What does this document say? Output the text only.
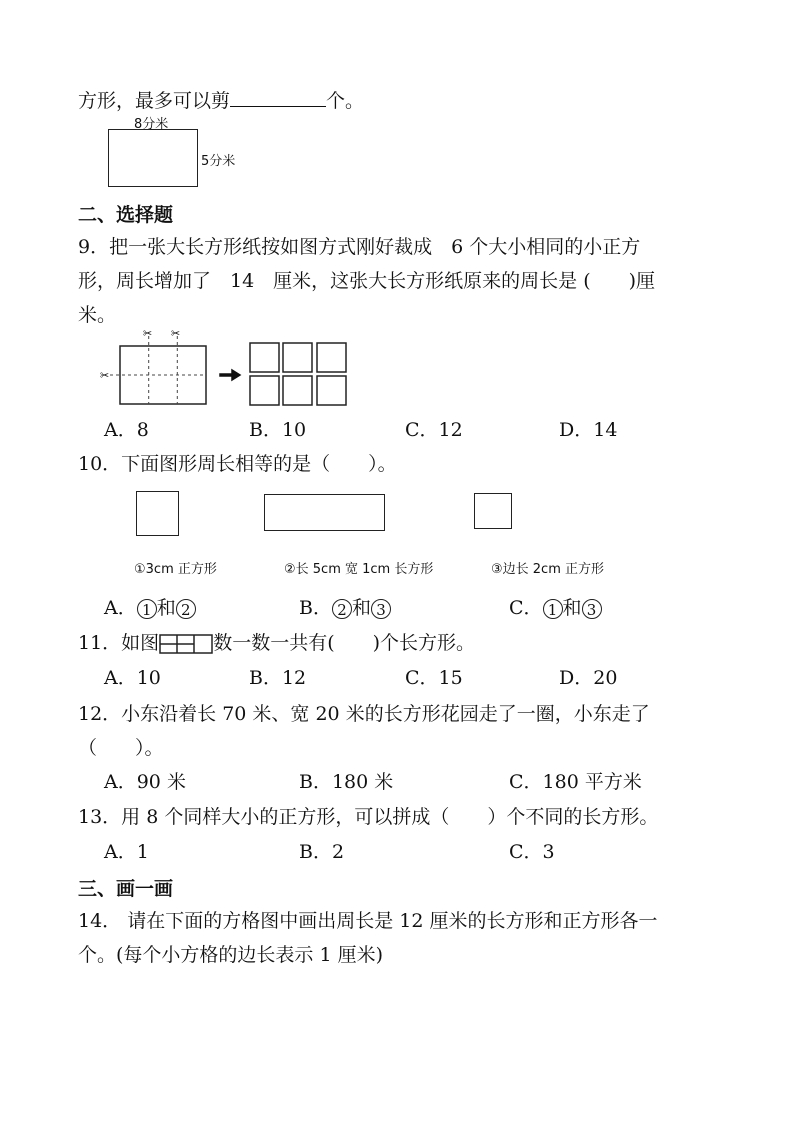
方形，最多可以剪	个。
8分米
5分米
二、选择题
9．把一张大长方形纸按如图方式刚好裁成　6 个大小相同的小正方
形，周长增加了　14　厘米，这张大长方形纸原来的周长是 (　　)厘
米。
✂ ✂
✂
A．8	B．10	C．12	D．14
10．下面图形周长相等的是（　　）。
①3cm 正方形	②长 5cm 宽 1cm 长方形	③边长 2cm 正方形
A． 1 和 2	B． 2 和 3	C． 1 和 3
11．如图	数一数一共有(　　)个长方形。
A．10	B．12	C．15	D．20
12．小东沿着长 70 米、宽 20 米的长方形花园走了一圈，小东走了
（　　）。
A．90 米	B．180 米	C．180 平方米
13．用 8 个同样大小的正方形，可以拼成（　　）个不同的长方形。
A．1	B．2	C．3
三、画一画
14． 请在下面的方格图中画出周长是 12 厘米的长方形和正方形各一
个。(每个小方格的边长表示 1 厘米)
